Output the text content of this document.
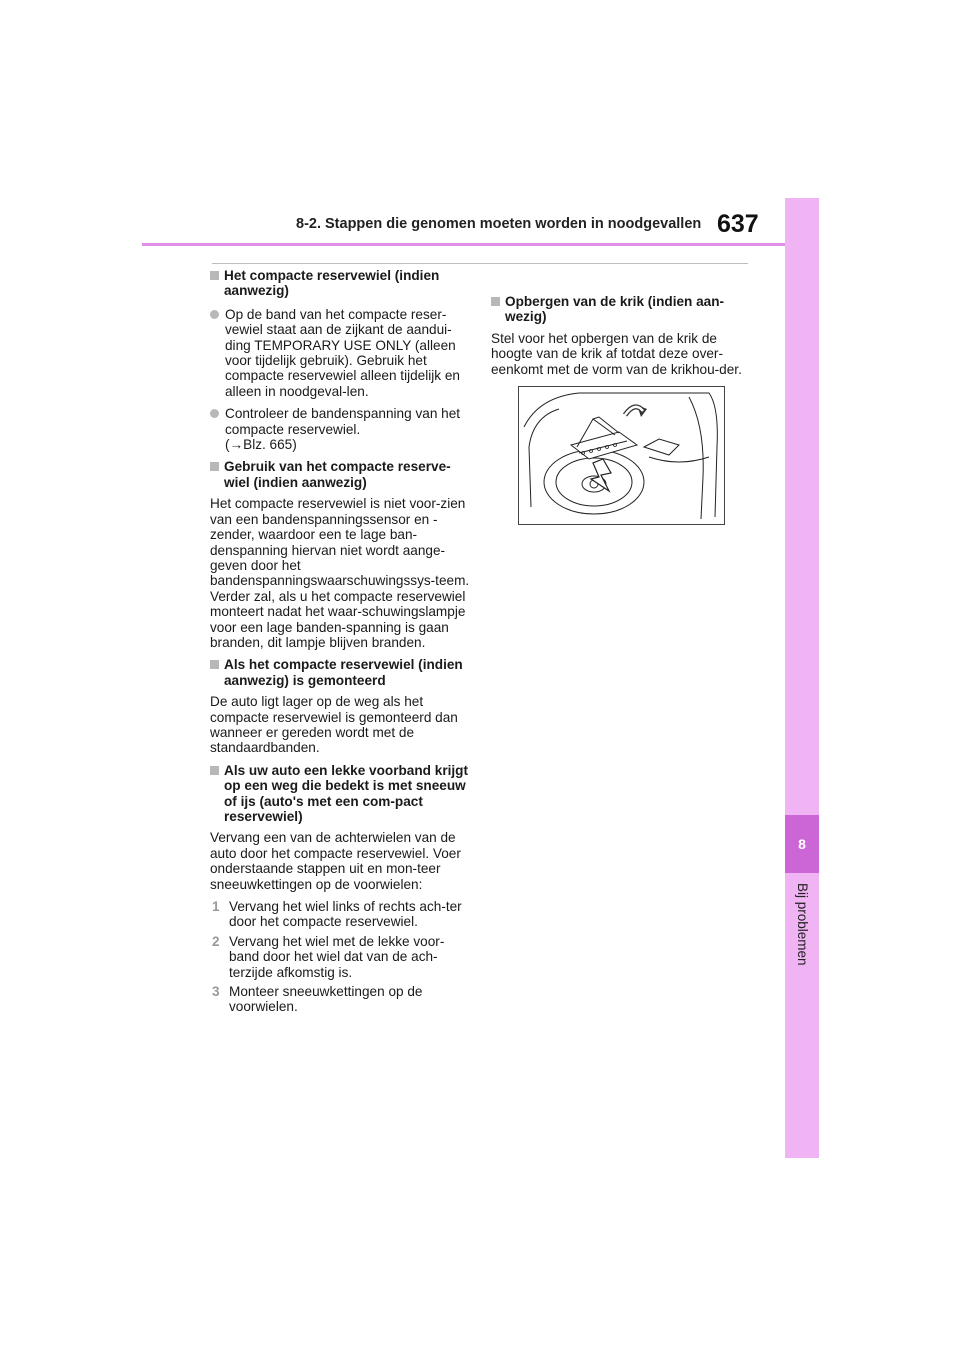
8-2. Stappen die genomen moeten worden in noodgevallen 637
8
Bij problemen
Het compacte reservewiel (indien aanwezig)
Op de band van het compacte reser-vewiel staat aan de zijkant de aandui-ding TEMPORARY USE ONLY (alleen voor tijdelijk gebruik). Gebruik het compacte reservewiel alleen tijdelijk en alleen in noodgeval-len.
Controleer de bandenspanning van het compacte reservewiel.
(→Blz. 665)
Gebruik van het compacte reserve-wiel (indien aanwezig)
Het compacte reservewiel is niet voor-zien van een bandenspanningssensor en -zender, waardoor een te lage ban-denspanning hiervan niet wordt aange-geven door het bandenspanningswaarschuwingssys-teem. Verder zal, als u het compacte reservewiel monteert nadat het waar-schuwingslampje voor een lage banden-spanning is gaan branden, dit lampje blijven branden.
Als het compacte reservewiel (indien aanwezig) is gemonteerd
De auto ligt lager op de weg als het compacte reservewiel is gemonteerd dan wanneer er gereden wordt met de standaardbanden.
Als uw auto een lekke voorband krijgt op een weg die bedekt is met sneeuw of ijs (auto's met een com-pact reservewiel)
Vervang een van de achterwielen van de auto door het compacte reservewiel. Voer onderstaande stappen uit en mon-teer sneeuwkettingen op de voorwielen:
1 Vervang het wiel links of rechts ach-ter door het compacte reservewiel.
2 Vervang het wiel met de lekke voor-band door het wiel dat van de ach-terzijde afkomstig is.
3 Monteer sneeuwkettingen op de voorwielen.
Opbergen van de krik (indien aan-wezig)
Stel voor het opbergen van de krik de hoogte van de krik af totdat deze over-eenkomt met de vorm van de krikhou-der.
